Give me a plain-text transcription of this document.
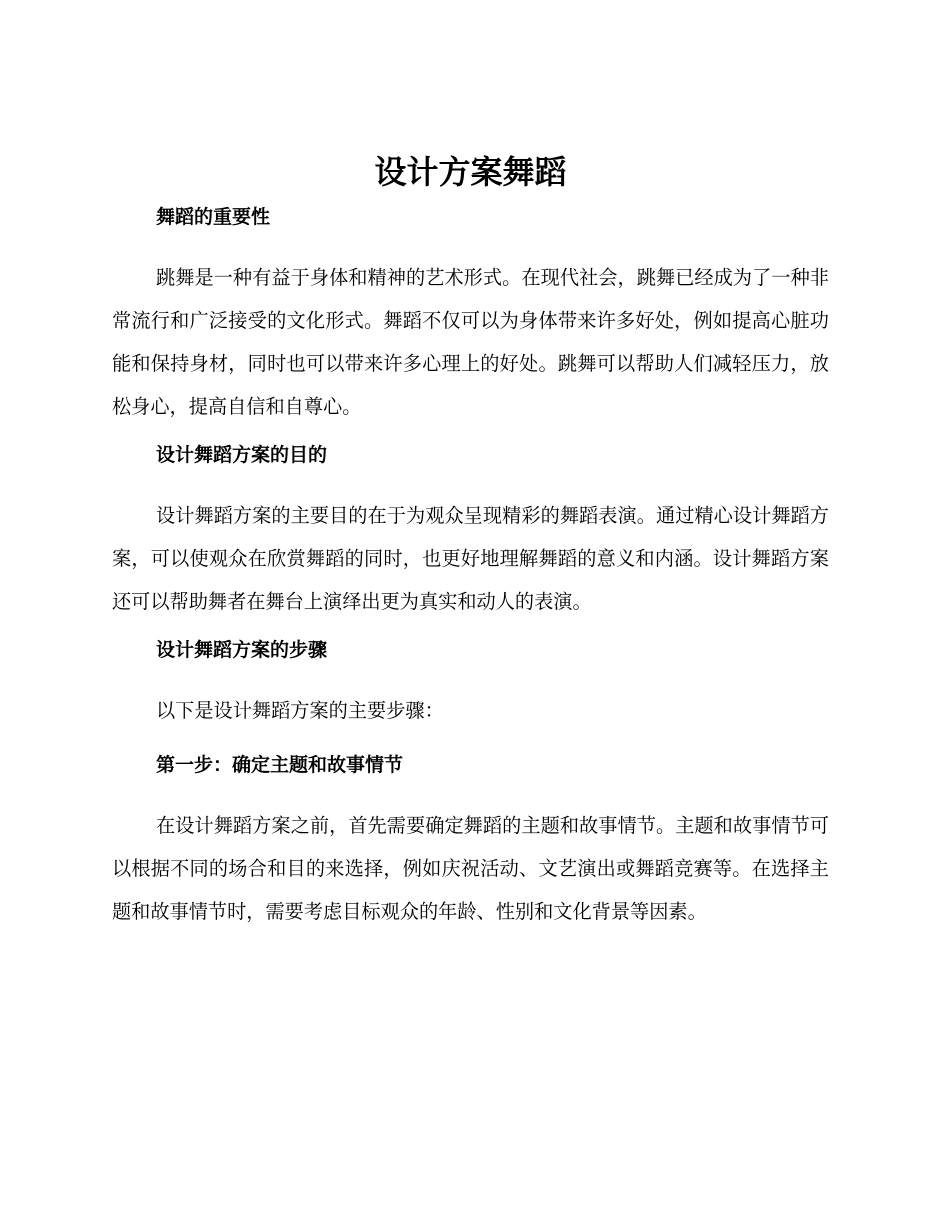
设计方案舞蹈
舞蹈的重要性

跳舞是一种有益于身体和精神的艺术形式。在现代社会，跳舞已经成为了一种非常流行和广泛接受的文化形式。舞蹈不仅可以为身体带来许多好处，例如提高心脏功能和保持身材，同时也可以带来许多心理上的好处。跳舞可以帮助人们减轻压力，放松身心，提高自信和自尊心。

设计舞蹈方案的目的

设计舞蹈方案的主要目的在于为观众呈现精彩的舞蹈表演。通过精心设计舞蹈方案，可以使观众在欣赏舞蹈的同时，也更好地理解舞蹈的意义和内涵。设计舞蹈方案还可以帮助舞者在舞台上演绎出更为真实和动人的表演。

设计舞蹈方案的步骤

以下是设计舞蹈方案的主要步骤：

第一步：确定主题和故事情节

在设计舞蹈方案之前，首先需要确定舞蹈的主题和故事情节。主题和故事情节可以根据不同的场合和目的来选择，例如庆祝活动、文艺演出或舞蹈竞赛等。在选择主题和故事情节时，需要考虑目标观众的年龄、性别和文化背景等因素。
